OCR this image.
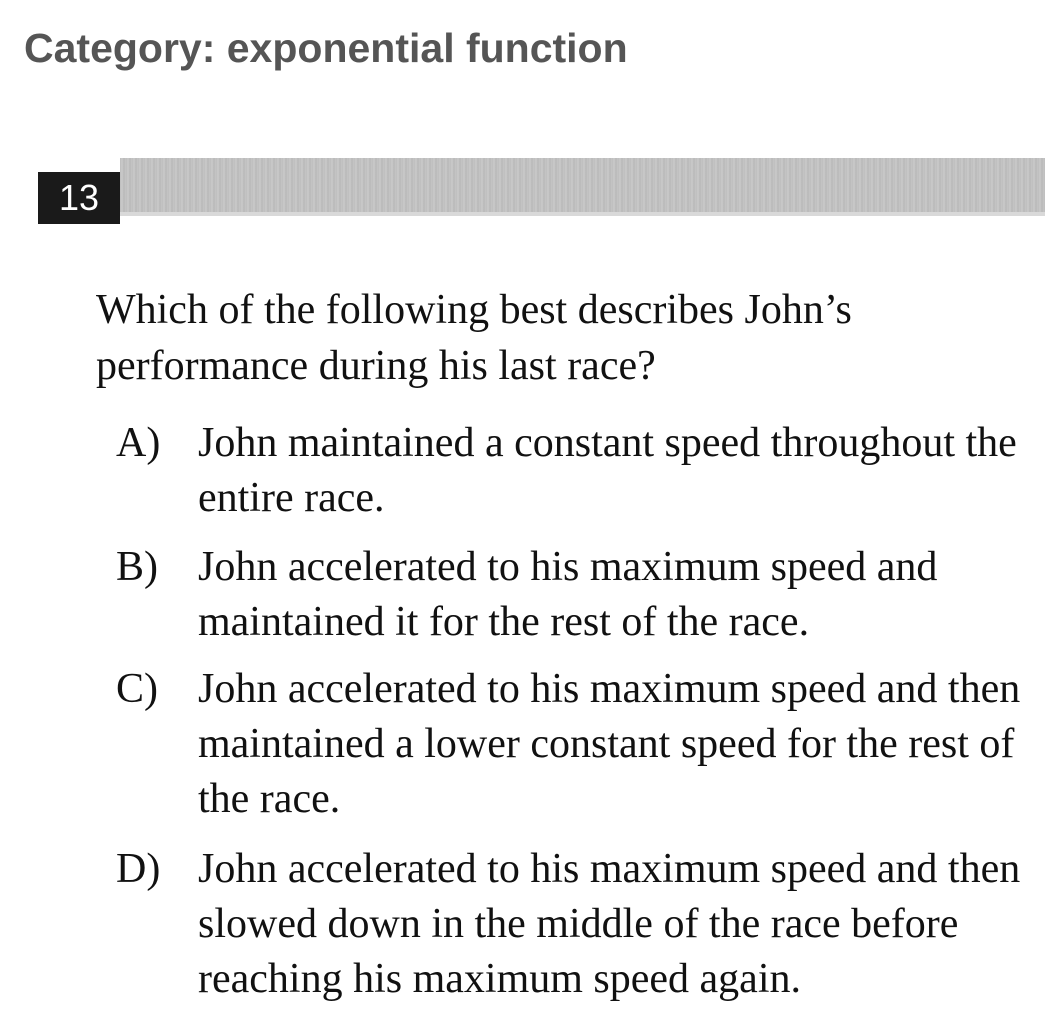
Category: exponential function
13
Which of the following best describes John’s performance during his last race?
A) John maintained a constant speed throughout the entire race.
B) John accelerated to his maximum speed and maintained it for the rest of the race.
C) John accelerated to his maximum speed and then maintained a lower constant speed for the rest of the race.
D) John accelerated to his maximum speed and then slowed down in the middle of the race before reaching his maximum speed again.
